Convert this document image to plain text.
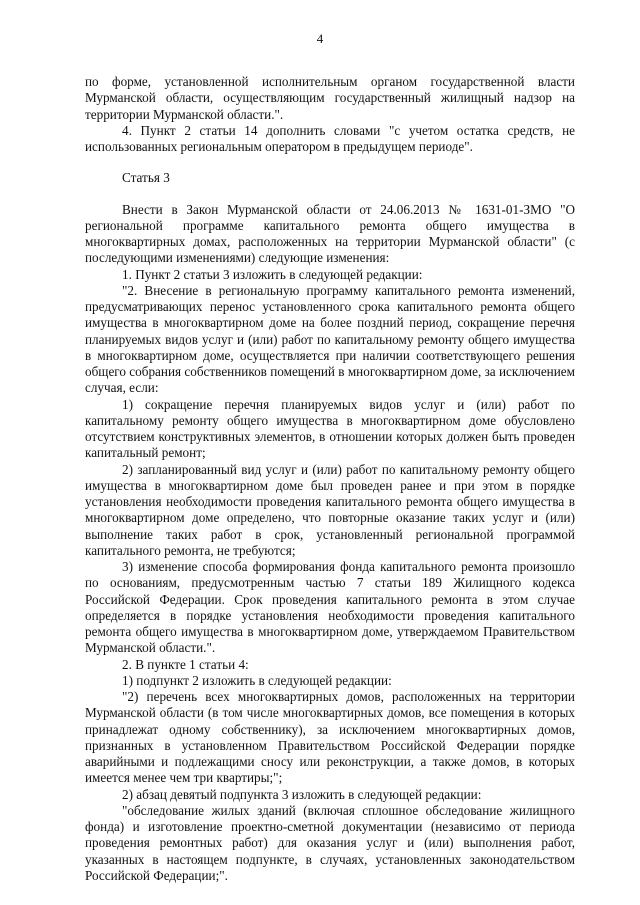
4

по форме, установленной исполнительным органом государственной власти Мурманской области, осуществляющим государственный жилищный надзор на территории Мурманской области.".

4. Пункт 2 статьи 14 дополнить словами "с учетом остатка средств, не использованных региональным оператором в предыдущем периоде".

Статья 3

Внести в Закон Мурманской области от 24.06.2013 № 1631-01-ЗМО "О региональной программе капитального ремонта общего имущества в многоквартирных домах, расположенных на территории Мурманской области" (с последующими изменениями) следующие изменения:

1. Пункт 2 статьи 3 изложить в следующей редакции:

"2. Внесение в региональную программу капитального ремонта изменений, предусматривающих перенос установленного срока капитального ремонта общего имущества в многоквартирном доме на более поздний период, сокращение перечня планируемых видов услуг и (или) работ по капитальному ремонту общего имущества в многоквартирном доме, осуществляется при наличии соответствующего решения общего собрания собственников помещений в многоквартирном доме, за исключением случая, если:

1) сокращение перечня планируемых видов услуг и (или) работ по капитальному ремонту общего имущества в многоквартирном доме обусловлено отсутствием конструктивных элементов, в отношении которых должен быть проведен капитальный ремонт;

2) запланированный вид услуг и (или) работ по капитальному ремонту общего имущества в многоквартирном доме был проведен ранее и при этом в порядке установления необходимости проведения капитального ремонта общего имущества в многоквартирном доме определено, что повторные оказание таких услуг и (или) выполнение таких работ в срок, установленный региональной программой капитального ремонта, не требуются;

3) изменение способа формирования фонда капитального ремонта произошло по основаниям, предусмотренным частью 7 статьи 189 Жилищного кодекса Российской Федерации. Срок проведения капитального ремонта в этом случае определяется в порядке установления необходимости проведения капитального ремонта общего имущества в многоквартирном доме, утверждаемом Правительством Мурманской области.".

2. В пункте 1 статьи 4:

1) подпункт 2 изложить в следующей редакции:

"2) перечень всех многоквартирных домов, расположенных на территории Мурманской области (в том числе многоквартирных домов, все помещения в которых принадлежат одному собственнику), за исключением многоквартирных домов, признанных в установленном Правительством Российской Федерации порядке аварийными и подлежащими сносу или реконструкции, а также домов, в которых имеется менее чем три квартиры;";

2) абзац девятый подпункта 3 изложить в следующей редакции:

"обследование жилых зданий (включая сплошное обследование жилищного фонда) и изготовление проектно-сметной документации (независимо от периода проведения ремонтных работ) для оказания услуг и (или) выполнения работ, указанных в настоящем подпункте, в случаях, установленных законодательством Российской Федерации;".
